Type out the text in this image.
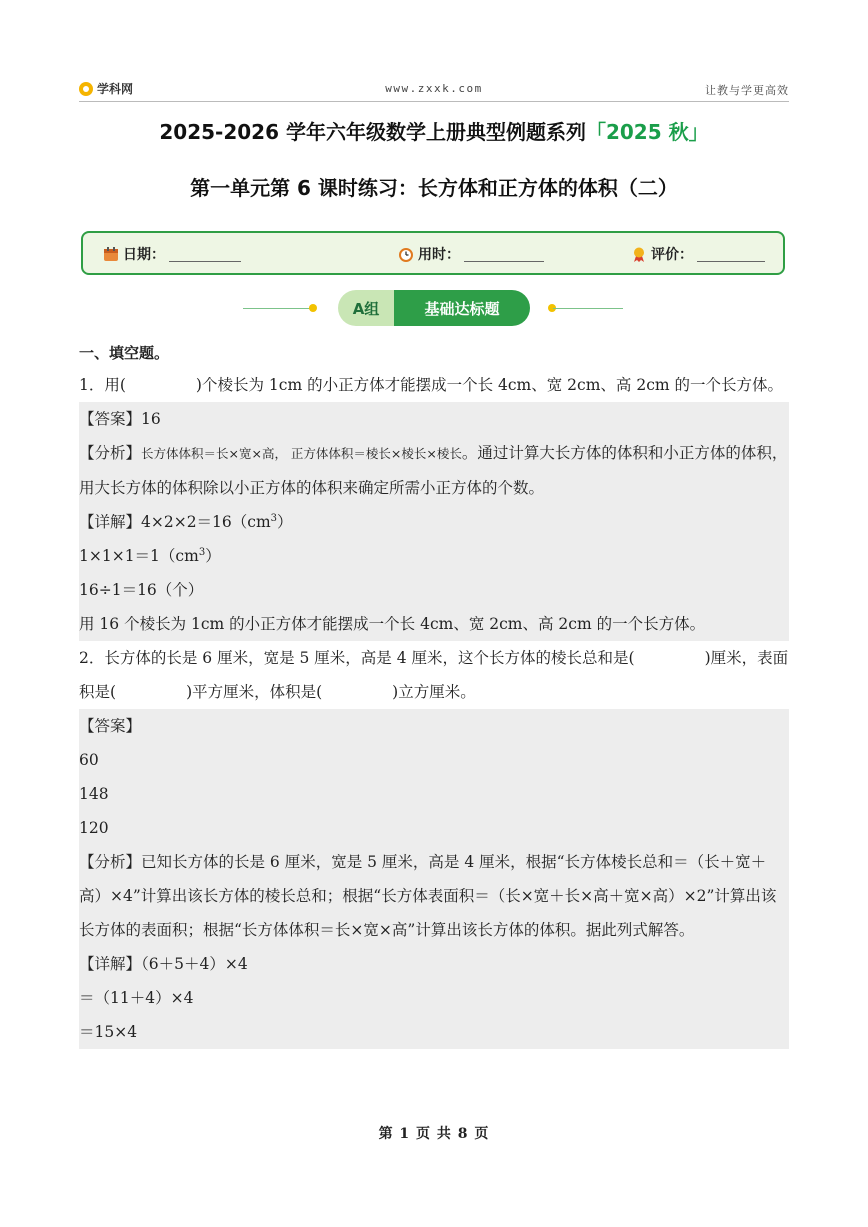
学科网	www.zxxk.com	让教与学更高效
2025-2026 学年六年级数学上册典型例题系列「2025 秋」
第一单元第 6 课时练习：长方体和正方体的体积（二）
日期：	用时：	评价：
A组	基础达标题
一、填空题。

1．用(	)个棱长为 1cm 的小正方体才能摆成一个长 4cm、宽 2cm、高 2cm 的一个长方体。

【答案】16

【分析】长方体体积＝长×宽×高， 正方体体积＝棱长×棱长×棱长。通过计算大长方体的体积和小正方体的体积，用大长方体的体积除以小正方体的体积来确定所需小正方体的个数。

【详解】$4\times 2\times 2=16(cm^3)$

$1\times 1\times 1=1(cm^3)$

16÷1＝16（个）

用 16 个棱长为 1cm 的小正方体才能摆成一个长 4cm、宽 2cm、高 2cm 的一个长方体。

2．长方体的长是 6 厘米，宽是 5 厘米，高是 4 厘米，这个长方体的棱长总和是(	)厘米，表面积是(	)平方厘米，体积是(	)立方厘米。

【答案】

60

148

120

【分析】已知长方体的长是 6 厘米，宽是 5 厘米，高是 4 厘米，根据“长方体棱长总和＝（长＋宽＋高）×4”计算出该长方体的棱长总和；根据“长方体表面积＝（长×宽＋长×高＋宽×高）×2”计算出该长方体的表面积；根据“长方体体积＝长×宽×高”计算出该长方体的体积。据此列式解答。

【详解】（6＋5＋4）×4

＝（11＋4）×4

＝15×4

第 1 页 共 8 页
